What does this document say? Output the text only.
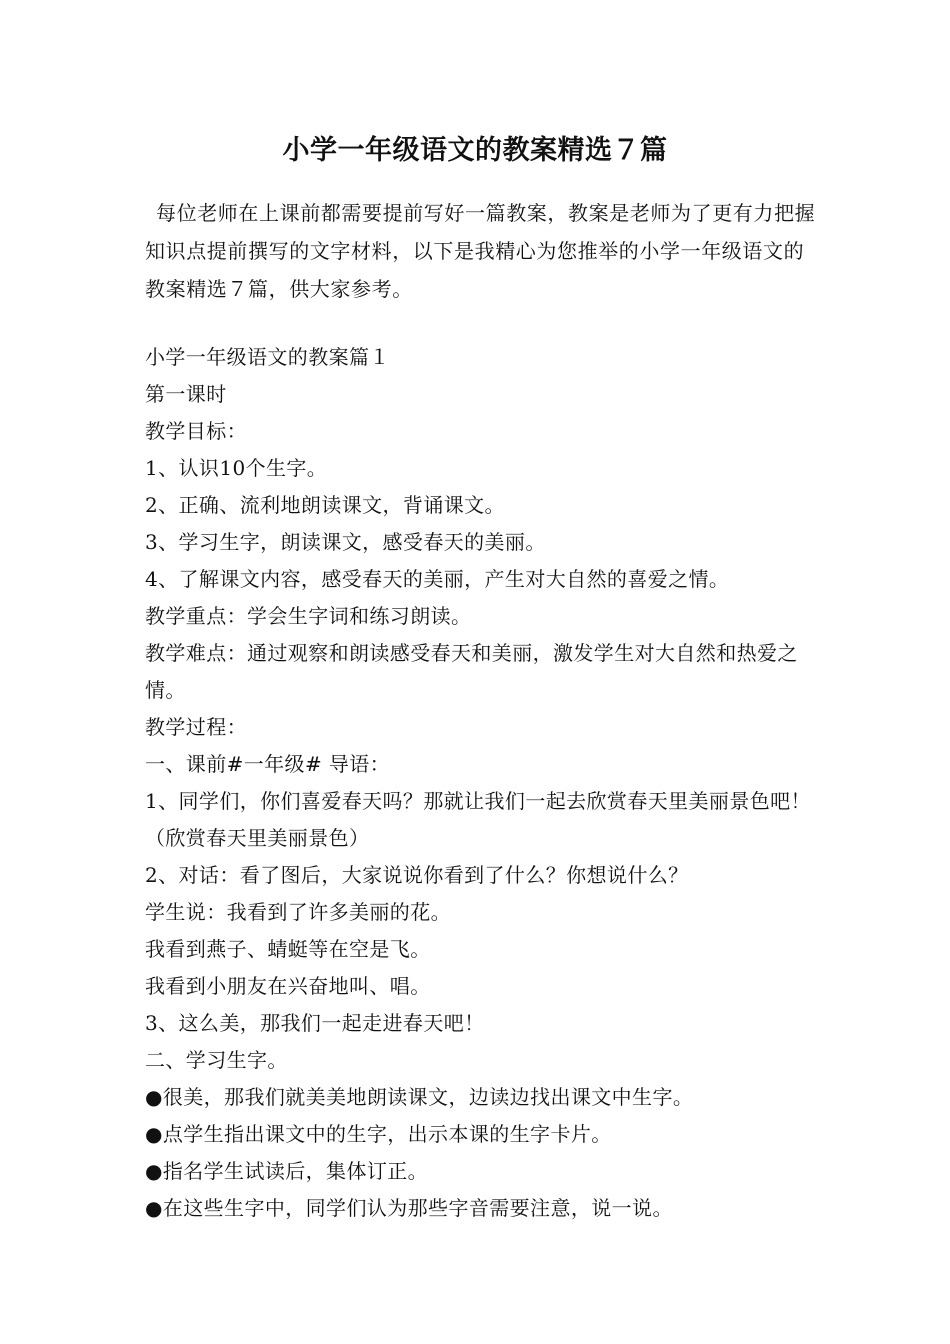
小学一年级语文的教案精选７篇
每位老师在上课前都需要提前写好一篇教案，教案是老师为了更有力把握知识点提前撰写的文字材料，以下是我精心为您推举的小学一年级语文的教案精选７篇，供大家参考。

小学一年级语文的教案篇１

第一课时

教学目标：

1、认识10个生字。

2、正确、流利地朗读课文，背诵课文。

3、学习生字，朗读课文，感受春天的美丽。

4、了解课文内容，感受春天的美丽，产生对大自然的喜爱之情。

教学重点：学会生字词和练习朗读。

教学难点：通过观察和朗读感受春天和美丽，激发学生对大自然和热爱之情。

教学过程：

一、课前#一年级# 导语：

1、同学们，你们喜爱春天吗？那就让我们一起去欣赏春天里美丽景色吧！（欣赏春天里美丽景色）

2、对话：看了图后，大家说说你看到了什么？你想说什么？

学生说：我看到了许多美丽的花。

我看到燕子、蜻蜓等在空是飞。

我看到小朋友在兴奋地叫、唱。

3、这么美，那我们一起走进春天吧！

二、学习生字。

●很美，那我们就美美地朗读课文，边读边找出课文中生字。

●点学生指出课文中的生字，出示本课的生字卡片。

●指名学生试读后，集体订正。

●在这些生字中，同学们认为那些字音需要注意，说一说。
